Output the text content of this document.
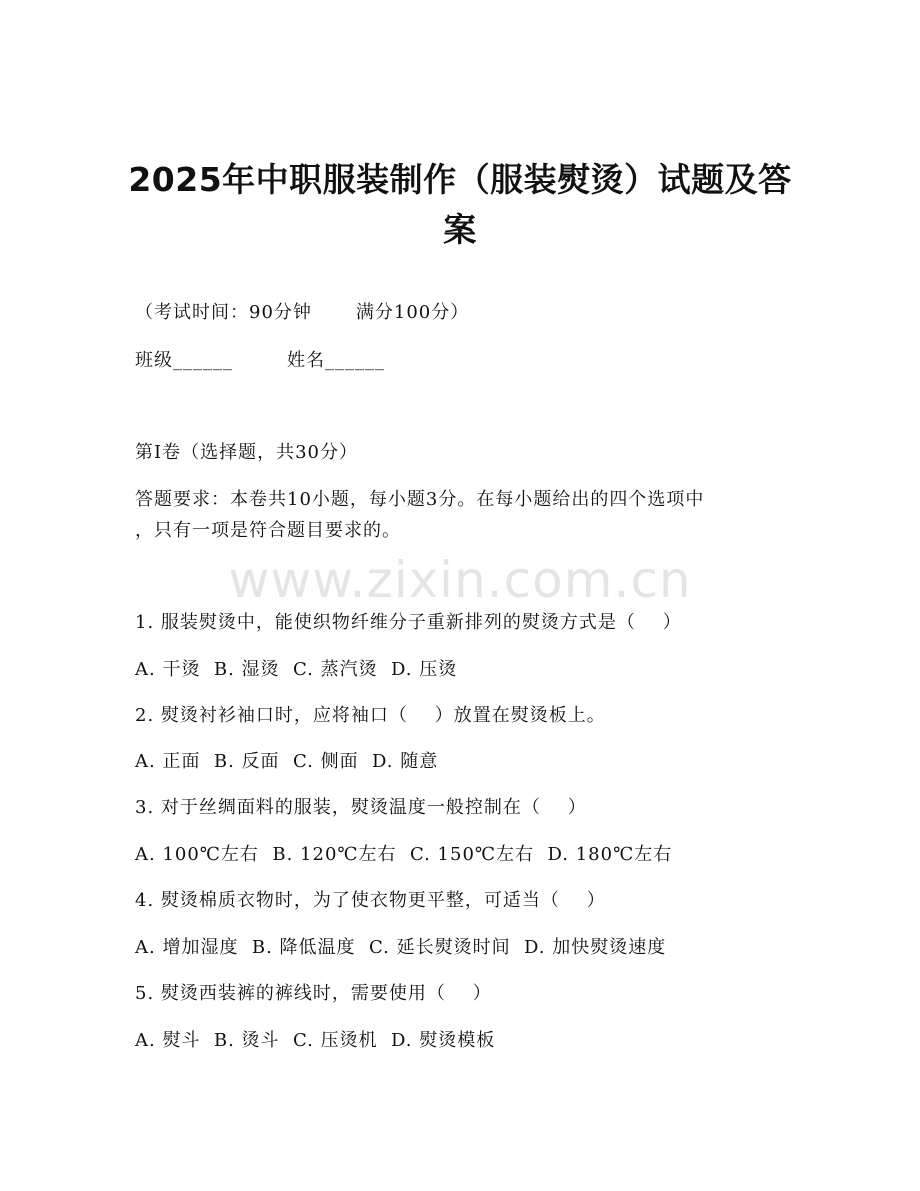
2025年中职服装制作（服装熨烫）试题及答
案
（考试时间：90分钟 满分100分）
班级______	姓名______
第I卷（选择题，共30分）
答题要求：本卷共10小题，每小题3分。在每小题给出的四个选项中
，只有一项是符合题目要求的。
www.zixin.com.cn
1. 服装熨烫中，能使织物纤维分子重新排列的熨烫方式是（    ）
A. 干烫  B. 湿烫  C. 蒸汽烫  D. 压烫
2. 熨烫衬衫袖口时，应将袖口（    ）放置在熨烫板上。
A. 正面  B. 反面  C. 侧面  D. 随意
3. 对于丝绸面料的服装，熨烫温度一般控制在（    ）
A. 100℃左右  B. 120℃左右  C. 150℃左右  D. 180℃左右
4. 熨烫棉质衣物时，为了使衣物更平整，可适当（    ）
A. 增加湿度  B. 降低温度  C. 延长熨烫时间  D. 加快熨烫速度
5. 熨烫西装裤的裤线时，需要使用（    ）
A. 熨斗  B. 烫斗  C. 压烫机  D. 熨烫模板
